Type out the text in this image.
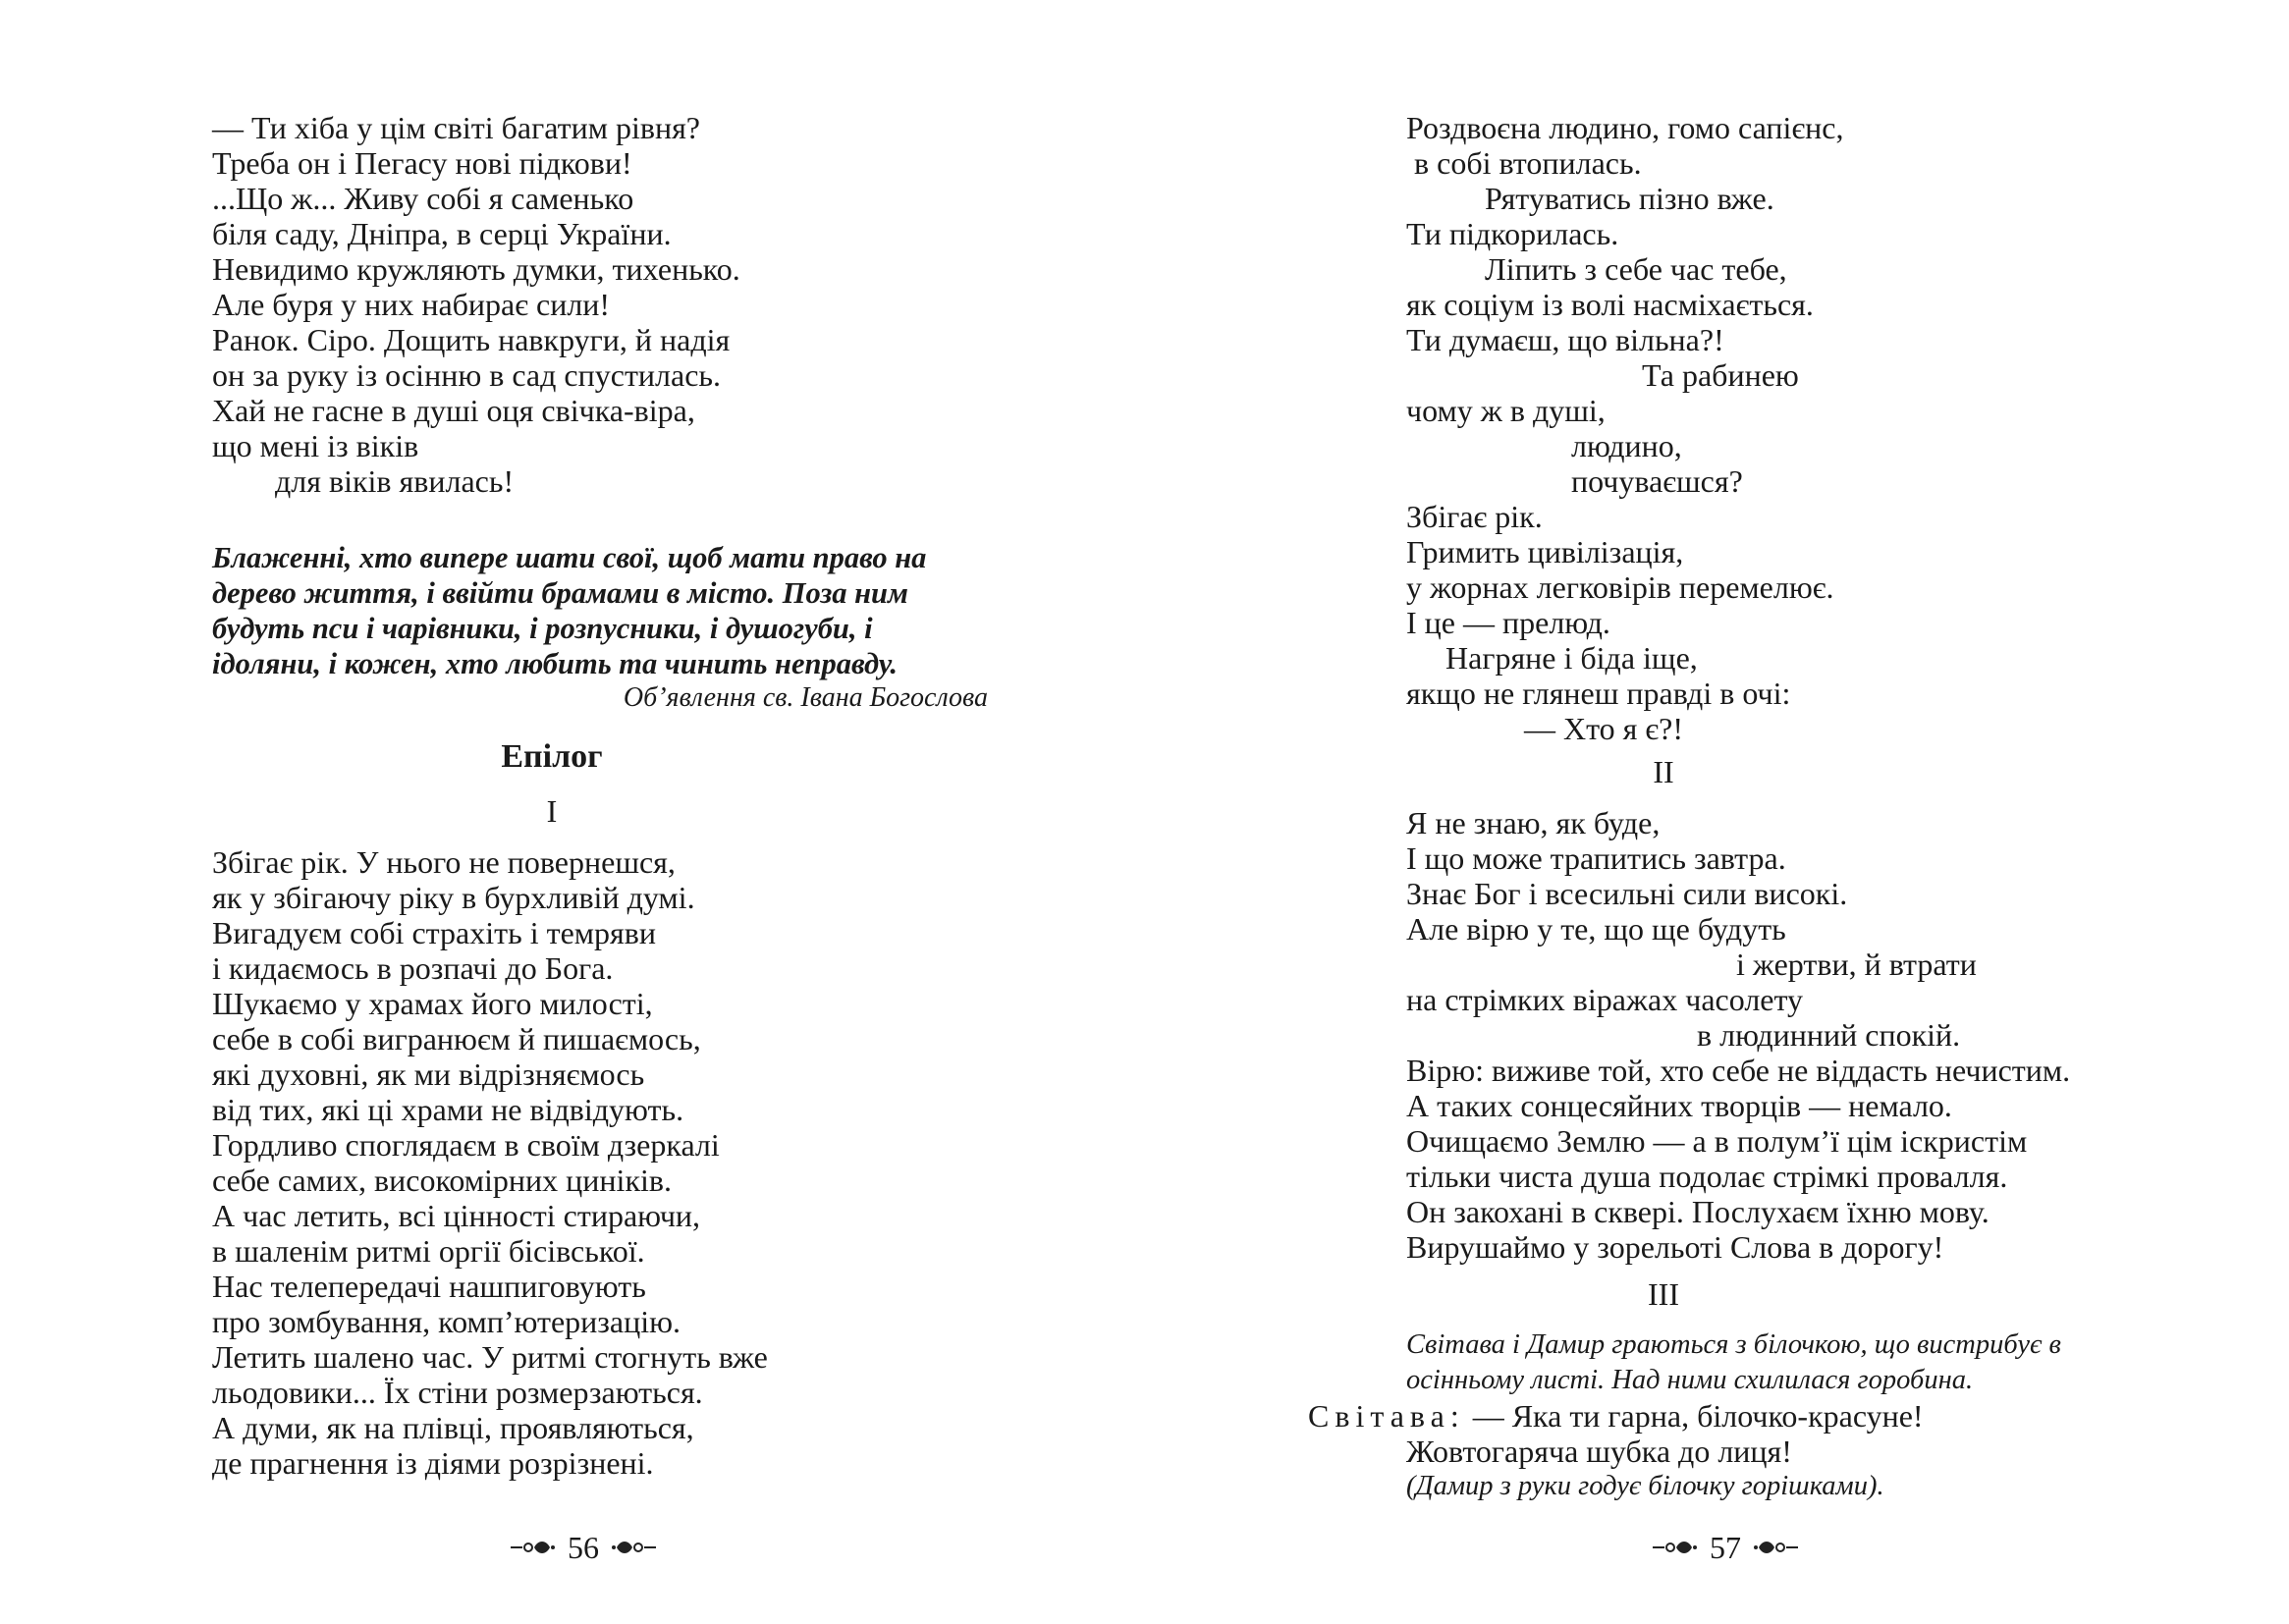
— Ти хіба у цім світі багатим рівня?
Треба он і Пегасу нові підкови!
...Що ж... Живу собі я саменько
біля саду, Дніпра, в серці України.
Невидимо кружляють думки, тихенько.
Але буря у них набирає сили!
Ранок. Сіро. Дощить навкруги, й надія
он за руку із осінню в сад спустилась.
Хай не гасне в душі оця свічка-віра,
що мені із віків
для віків явилась!
Блаженні, хто випере шати свої, щоб мати право на
дерево життя, і ввійти брамами в місто. Поза ним
будуть пси і чарівники, і розпусники, і душогуби, і
ідоляни, і кожен, хто любить та чинить неправду.
Об’явлення св. Івана Богослова
Епілог
I
Збігає рік. У нього не повернешся,
як у збігаючу ріку в бурхливій думі.
Вигадуєм собі страхіть і темряви
і кидаємось в розпачі до Бога.
Шукаємо у храмах його милості,
себе в собі вигранюєм й пишаємось,
які духовні, як ми відрізняємось
від тих, які ці храми не відвідують.
Гордливо споглядаєм в своїм дзеркалі
себе самих, високомірних циніків.
А час летить, всі цінності стираючи,
в шаленім ритмі оргії бісівської.
Нас телепередачі нашпиговують
про зомбування, комп’ютеризацію.
Летить шалено час. У ритмі стогнуть вже
льодовики... Їх стіни розмерзаються.
А думи, як на плівці, проявляються,
де прагнення із діями розрізнені.
56
Роздвоєна людино, гомо сапієнс,
в собі втопилась.
Рятуватись пізно вже.
Ти підкорилась.
Ліпить з себе час тебе,
як соціум із волі насміхається.
Ти думаєш, що вільна?!
Та рабинею
чому ж в душі,
людино,
почуваєшся?
Збігає рік.
Гримить цивілізація,
у жорнах легковірів перемелює.
І це — прелюд.
Нагряне і біда іще,
якщо не глянеш правді в очі:
— Хто я є?!
II
Я не знаю, як буде,
І що може трапитись завтра.
Знає Бог і всесильні сили високі.
Але вірю у те, що ще будуть
і жертви, й втрати
на стрімких віражах часолету
в людинний спокій.
Вірю: виживе той, хто себе не віддасть нечистим.
А таких сонцесяйних творців — немало.
Очищаємо Землю — а в полум’ї цім іскристім
тільки чиста душа подолає стрімкі провалля.
Он закохані в сквері. Послухаєм їхню мову.
Вирушаймо у зорельоті Слова в дорогу!
III
Світава і Дамир граються з білочкою, що вистрибує в
осінньому листі. Над ними схилилася горобина.
Світава: — Яка ти гарна, білочко-красуне!
Жовтогаряча шубка до лиця!
(Дамир з руки годує білочку горішками).
57
